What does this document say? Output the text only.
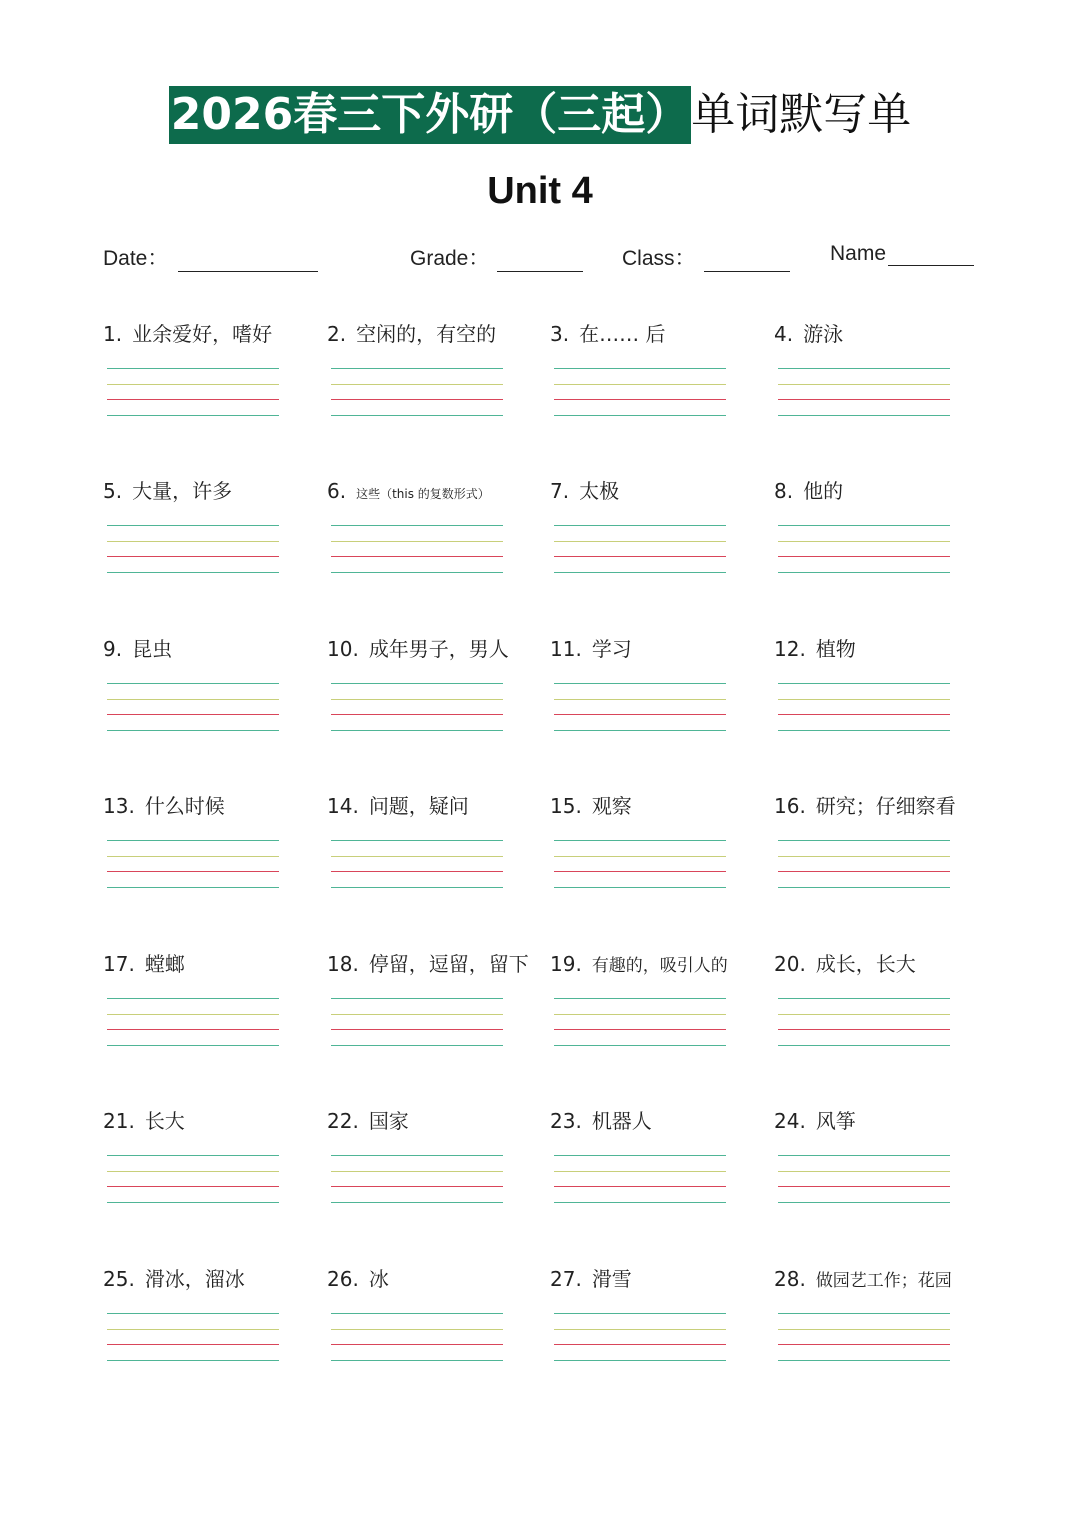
2026春三下外研（三起） 单词默写单
Unit 4
Date：	Grade：	Class：	Name
1. 业余爱好，嗜好	2. 空闲的，有空的	3. 在…… 后	4. 游泳
5. 大量，许多	6. 这些（this 的复数形式）	7. 太极	8. 他的
9. 昆虫	10. 成年男子，男人 11. 学习	12. 植物
13. 什么时候	14. 问题，疑问	15. 观察	16. 研究；仔细察看
17. 螳螂	18. 停留，逗留，留下 19. 有趣的，吸引人的 20. 成长，长大
21. 长大	22. 国家	23. 机器人	24. 风筝
25. 滑冰，溜冰	26. 冰	27. 滑雪	28. 做园艺工作；花园
